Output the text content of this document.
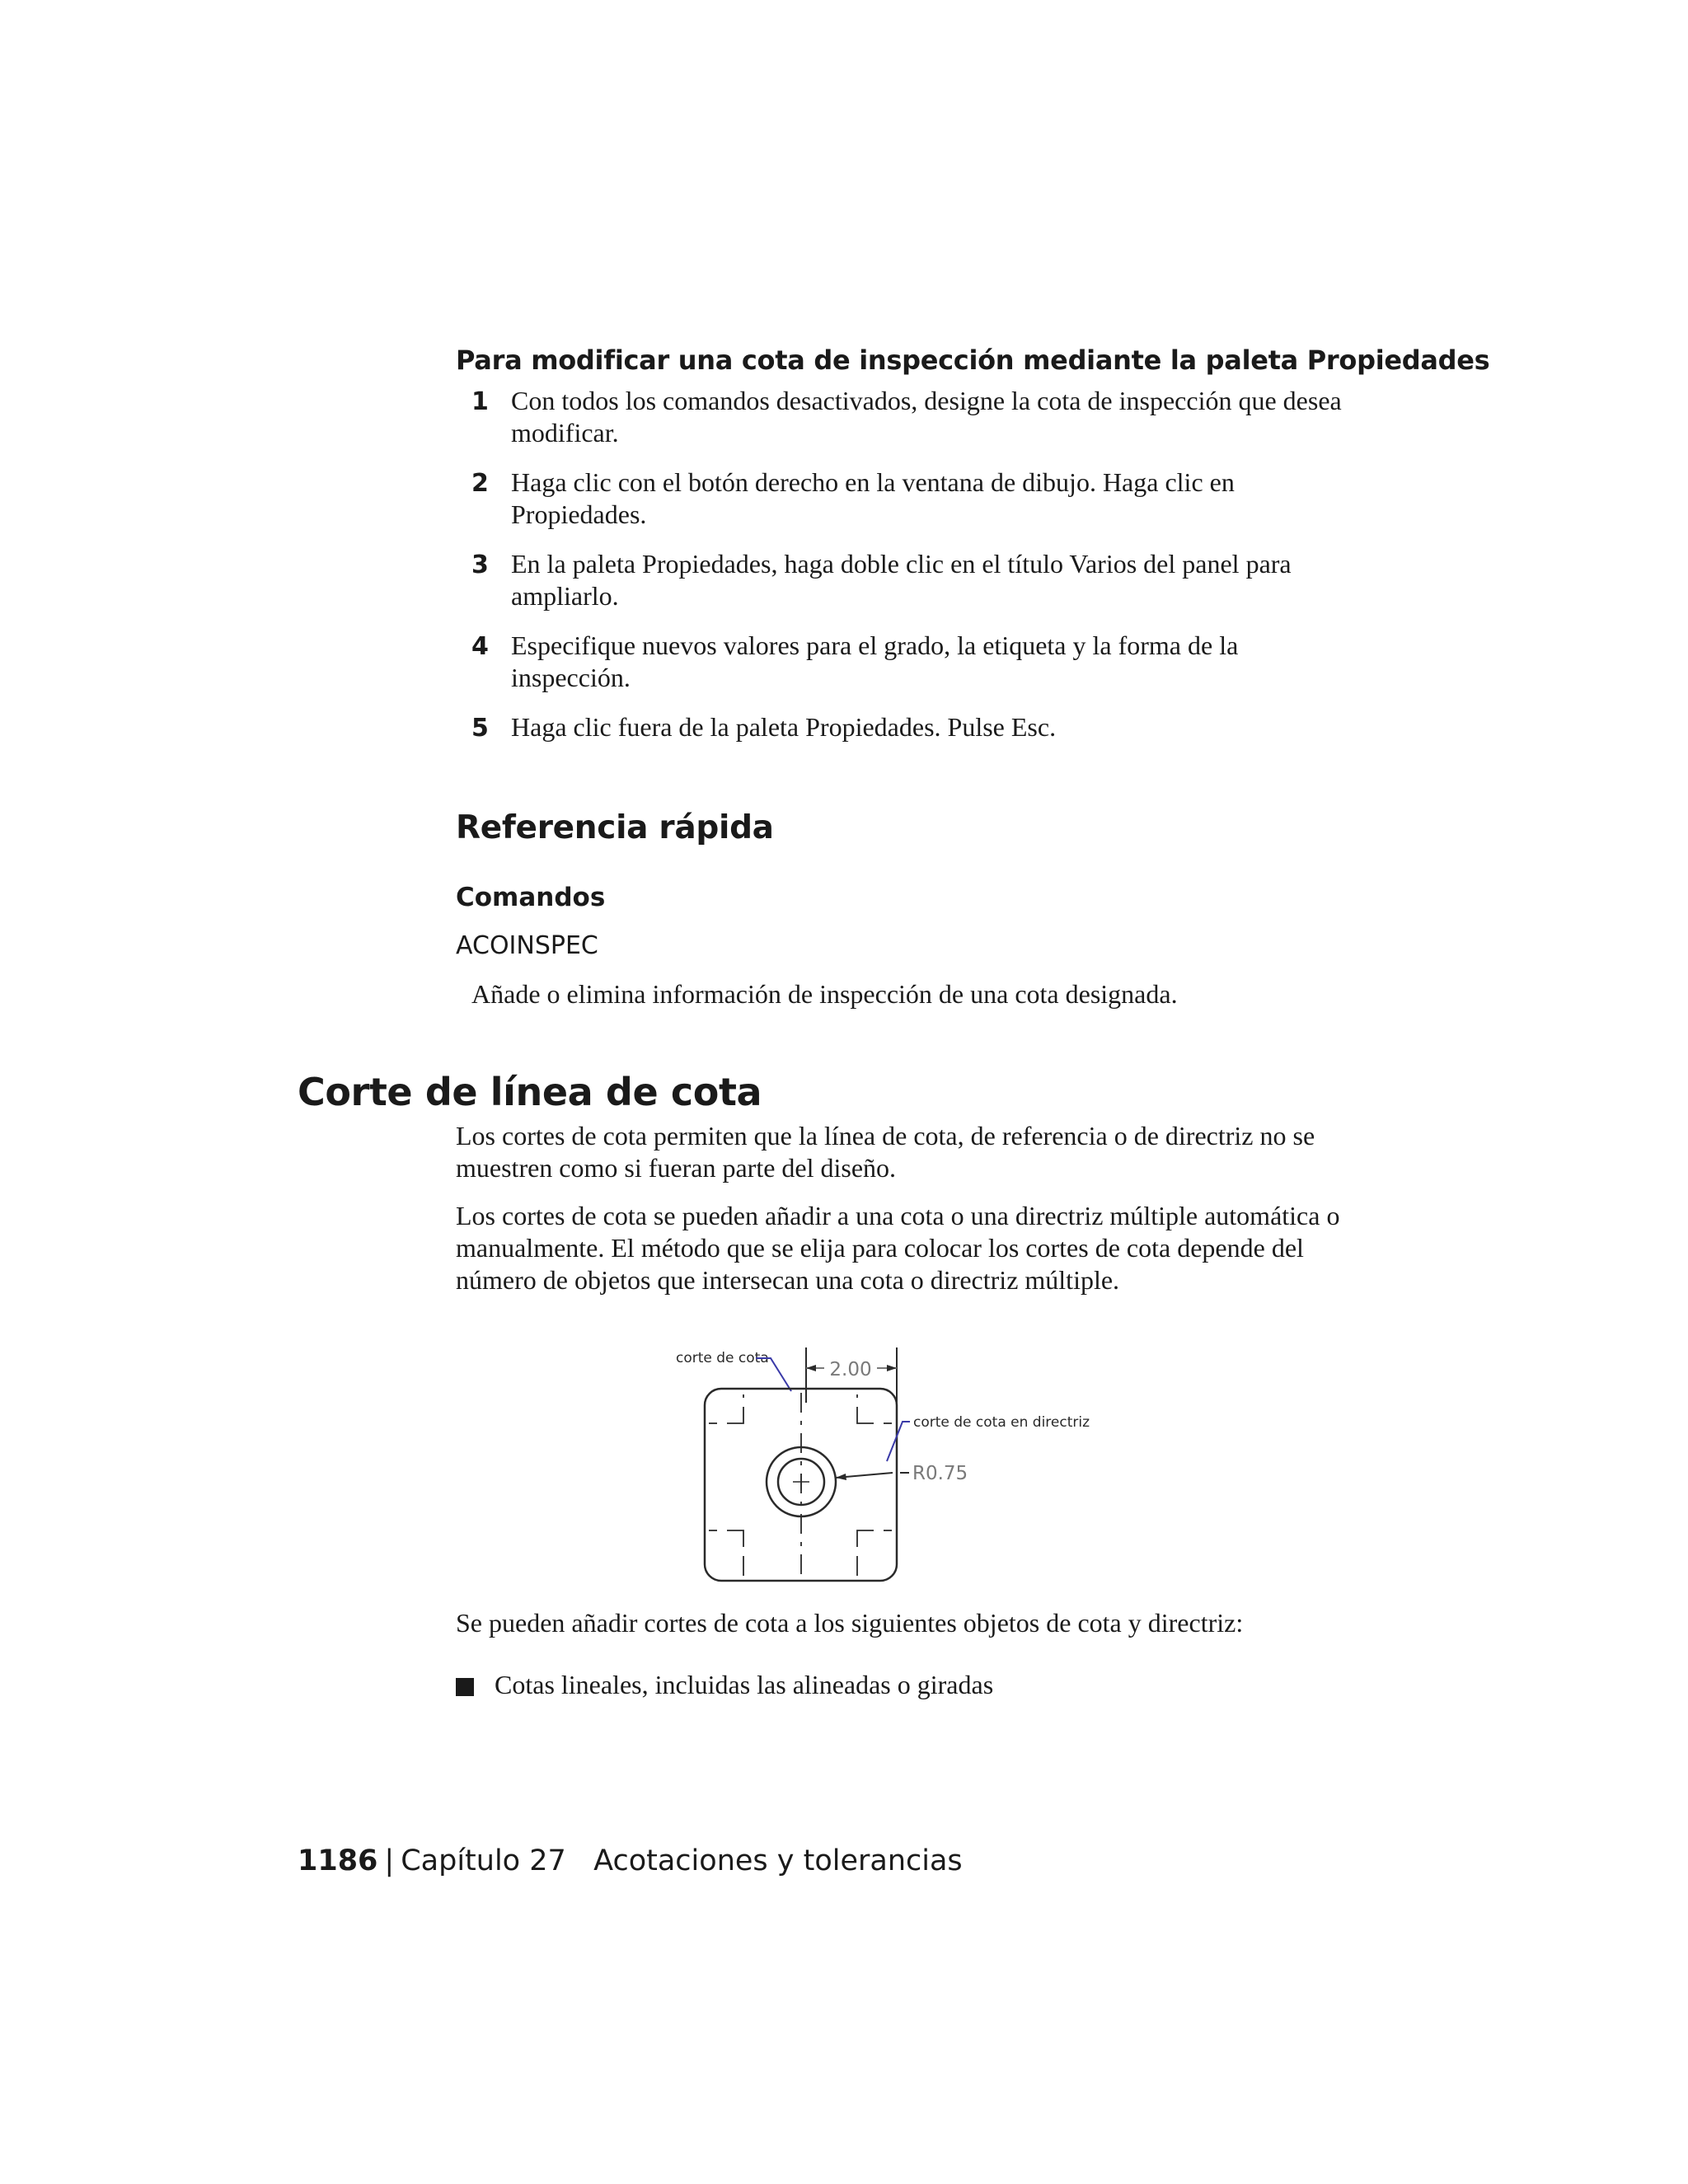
Para modificar una cota de inspección mediante la paleta Propiedades
1 Con todos los comandos desactivados, designe la cota de inspección que desea modificar.
2 Haga clic con el botón derecho en la ventana de dibujo. Haga clic en Propiedades.
3 En la paleta Propiedades, haga doble clic en el título Varios del panel para ampliarlo.
4 Especifique nuevos valores para el grado, la etiqueta y la forma de la inspección.
5 Haga clic fuera de la paleta Propiedades. Pulse Esc.
Referencia rápida
Comandos
ACOINSPEC
Añade o elimina información de inspección de una cota designada.
Corte de línea de cota
Los cortes de cota permiten que la línea de cota, de referencia o de directriz no se muestren como si fueran parte del diseño.
Los cortes de cota se pueden añadir a una cota o una directriz múltiple automática o manualmente. El método que se elija para colocar los cortes de cota depende del número de objetos que intersecan una cota o directriz múltiple.
corte de cota
2.00
R0.75
corte de cota en directriz
Se pueden añadir cortes de cota a los siguientes objetos de cota y directriz:
Cotas lineales, incluidas las alineadas o giradas
1186 | Capítulo 27 Acotaciones y tolerancias
